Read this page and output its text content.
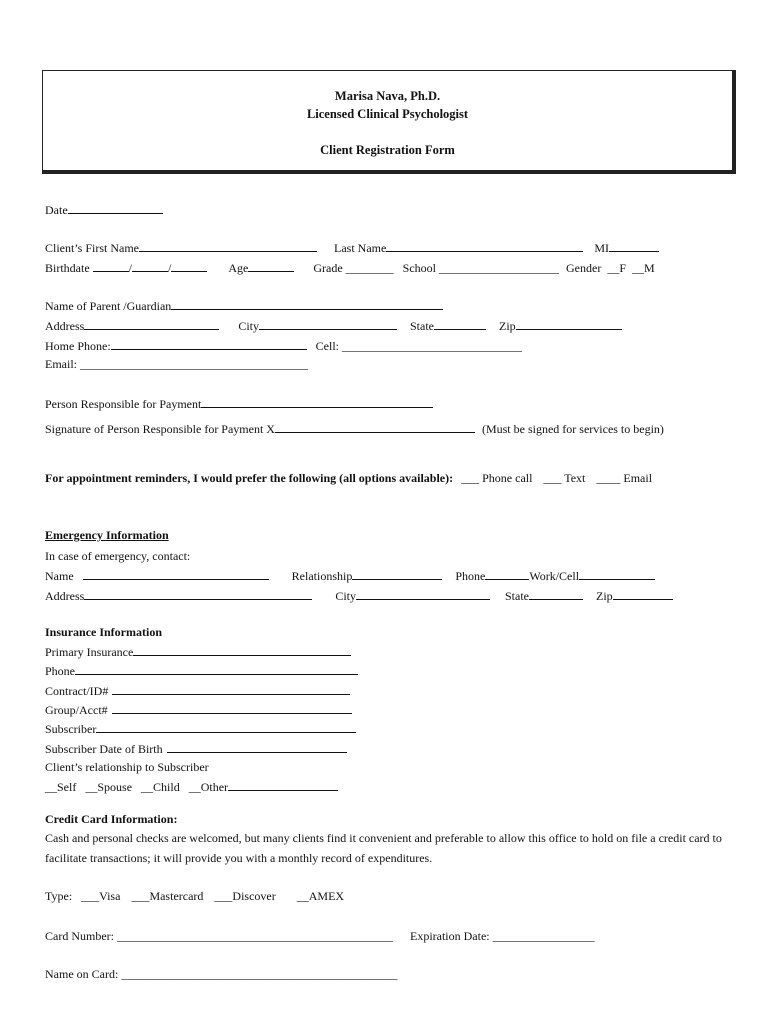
Marisa Nava, Ph.D.
Licensed Clinical Psychologist
Client Registration Form
Date
Client’s First Name	Last Name	MI
Birthdate	/	/	Age	Grade ________ School ____________________ Gender __F __M
Name of Parent /Guardian
Address	City	State	Zip
Home Phone:	Cell: ______________________________
Email: ______________________________________
Person Responsible for Payment
Signature of Person Responsible for Payment X	(Must be signed for services to begin)
For appointment reminders, I would prefer the following (all options available): ___ Phone call ___ Text ____ Email
Emergency Information
In case of emergency, contact:
Name	Relationship	Phone	Work/Cell
Address	City	State	Zip
Insurance Information
Primary Insurance
Phone
Contract/ID#
Group/Acct#
Subscriber
Subscriber Date of Birth
Client’s relationship to Subscriber
__Self __Spouse __Child __Other
Credit Card Information:
Cash and personal checks are welcomed, but many clients find it convenient and preferable to allow this office to hold on file a credit card to facilitate transactions; it will provide you with a monthly record of expenditures.
Type: ___Visa ___Mastercard ___Discover __AMEX
Card Number: ______________________________________________ Expiration Date: _________________
Name on Card: ______________________________________________
